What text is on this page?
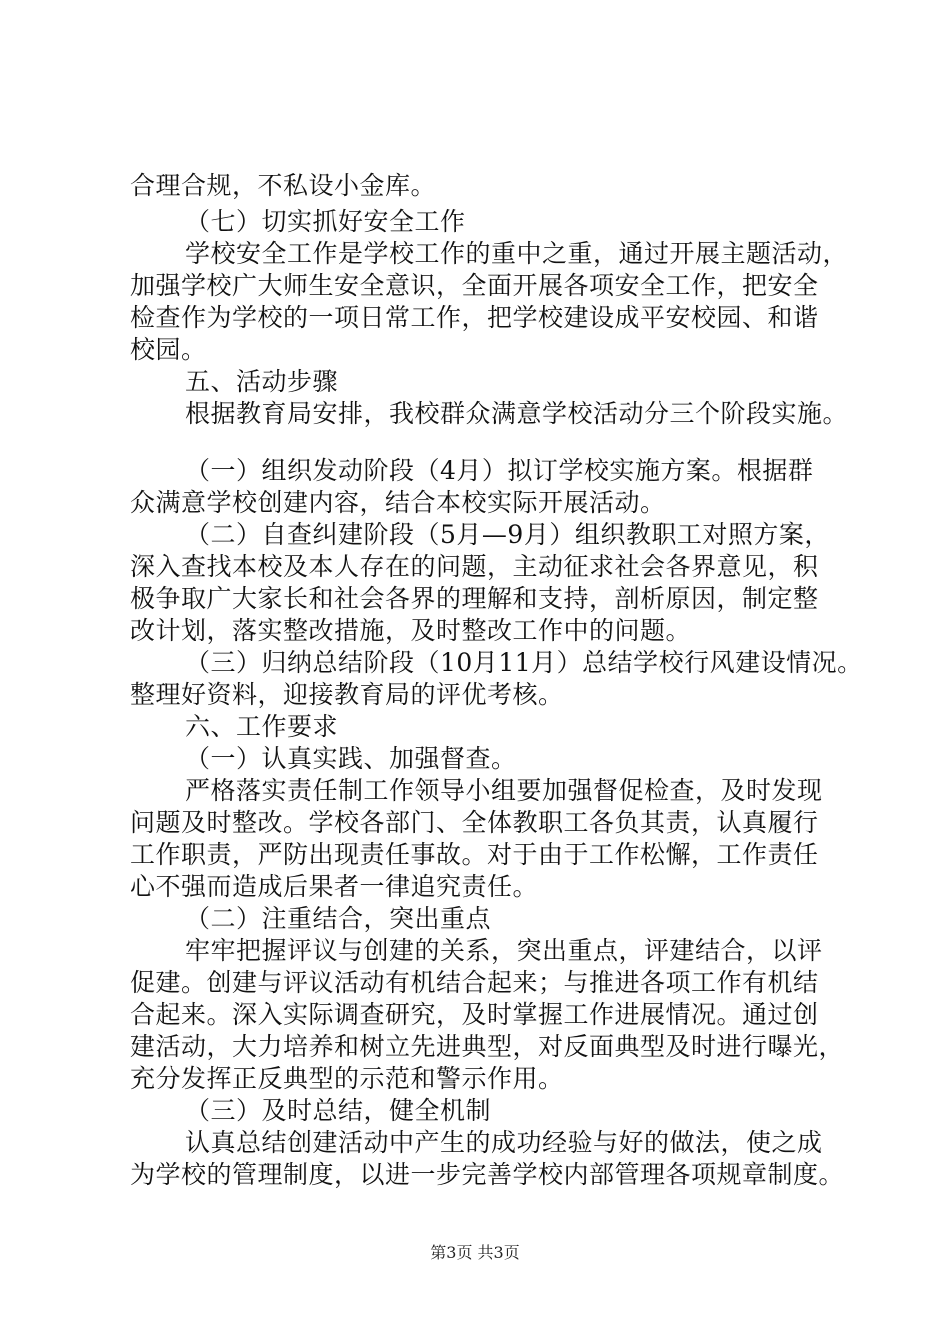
合理合规，不私设小金库。
（七）切实抓好安全工作
学校安全工作是学校工作的重中之重，通过开展主题活动，
加强学校广大师生安全意识，全面开展各项安全工作，把安全
检查作为学校的一项日常工作，把学校建设成平安校园、和谐
校园。
五、活动步骤
根据教育局安排，我校群众满意学校活动分三个阶段实施。
（一）组织发动阶段（4月）拟订学校实施方案。根据群
众满意学校创建内容，结合本校实际开展活动。
（二）自查纠建阶段（5月—9月）组织教职工对照方案，
深入查找本校及本人存在的问题，主动征求社会各界意见，积
极争取广大家长和社会各界的理解和支持，剖析原因，制定整
改计划，落实整改措施，及时整改工作中的问题。
（三）归纳总结阶段（10月11月）总结学校行风建设情况。
整理好资料，迎接教育局的评优考核。
六、工作要求
（一）认真实践、加强督查。
严格落实责任制工作领导小组要加强督促检查，及时发现
问题及时整改。学校各部门、全体教职工各负其责，认真履行
工作职责，严防出现责任事故。对于由于工作松懈，工作责任
心不强而造成后果者一律追究责任。
（二）注重结合，突出重点
牢牢把握评议与创建的关系，突出重点，评建结合，以评
促建。创建与评议活动有机结合起来；与推进各项工作有机结
合起来。深入实际调查研究，及时掌握工作进展情况。通过创
建活动，大力培养和树立先进典型，对反面典型及时进行曝光，
充分发挥正反典型的示范和警示作用。
（三）及时总结，健全机制
认真总结创建活动中产生的成功经验与好的做法，使之成
为学校的管理制度，以进一步完善学校内部管理各项规章制度。
第3页 共3页
